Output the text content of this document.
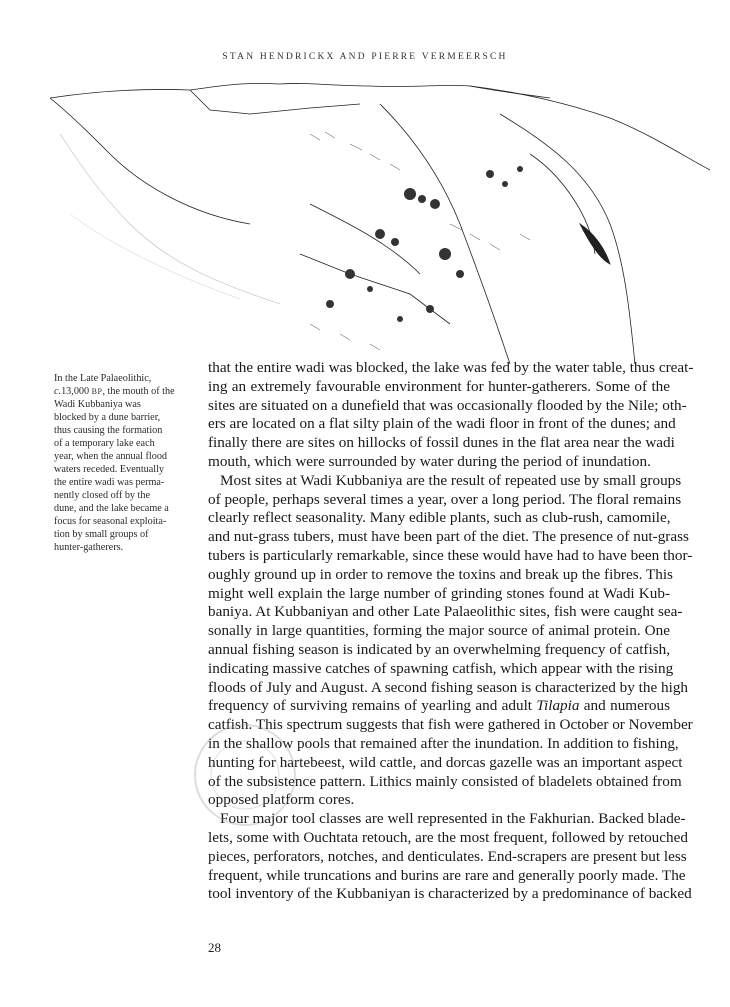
STAN HENDRICKX AND PIERRE VERMEERSCH
In the Late Palaeolithic,
c.13,000 BP, the mouth of the
Wadi Kubbaniya was
blocked by a dune barrier,
thus causing the formation
of a temporary lake each
year, when the annual flood
waters receded. Eventually
the entire wadi was perma-
nently closed off by the
dune, and the lake became a
focus for seasonal exploita-
tion by small groups of
hunter-gatherers.
that the entire wadi was blocked, the lake was fed by the water table, thus creat-
ing an extremely favourable environment for hunter-gatherers. Some of the
sites are situated on a dunefield that was occasionally flooded by the Nile; oth-
ers are located on a flat silty plain of the wadi floor in front of the dunes; and
finally there are sites on hillocks of fossil dunes in the flat area near the wadi
mouth, which were surrounded by water during the period of inundation.
Most sites at Wadi Kubbaniya are the result of repeated use by small groups
of people, perhaps several times a year, over a long period. The floral remains
clearly reflect seasonality. Many edible plants, such as club-rush, camomile,
and nut-grass tubers, must have been part of the diet. The presence of nut-grass
tubers is particularly remarkable, since these would have had to have been thor-
oughly ground up in order to remove the toxins and break up the fibres. This
might well explain the large number of grinding stones found at Wadi Kub-
baniya. At Kubbaniyan and other Late Palaeolithic sites, fish were caught sea-
sonally in large quantities, forming the major source of animal protein. One
annual fishing season is indicated by an overwhelming frequency of catfish,
indicating massive catches of spawning catfish, which appear with the rising
floods of July and August. A second fishing season is characterized by the high
frequency of surviving remains of yearling and adult Tilapia and numerous
catfish. This spectrum suggests that fish were gathered in October or November
in the shallow pools that remained after the inundation. In addition to fishing,
hunting for hartebeest, wild cattle, and dorcas gazelle was an important aspect
of the subsistence pattern. Lithics mainly consisted of bladelets obtained from
opposed platform cores.
Four major tool classes are well represented in the Fakhurian. Backed blade-
lets, some with Ouchtata retouch, are the most frequent, followed by retouched
pieces, perforators, notches, and denticulates. End-scrapers are present but less
frequent, while truncations and burins are rare and generally poorly made. The
tool inventory of the Kubbaniyan is characterized by a predominance of backed
28
